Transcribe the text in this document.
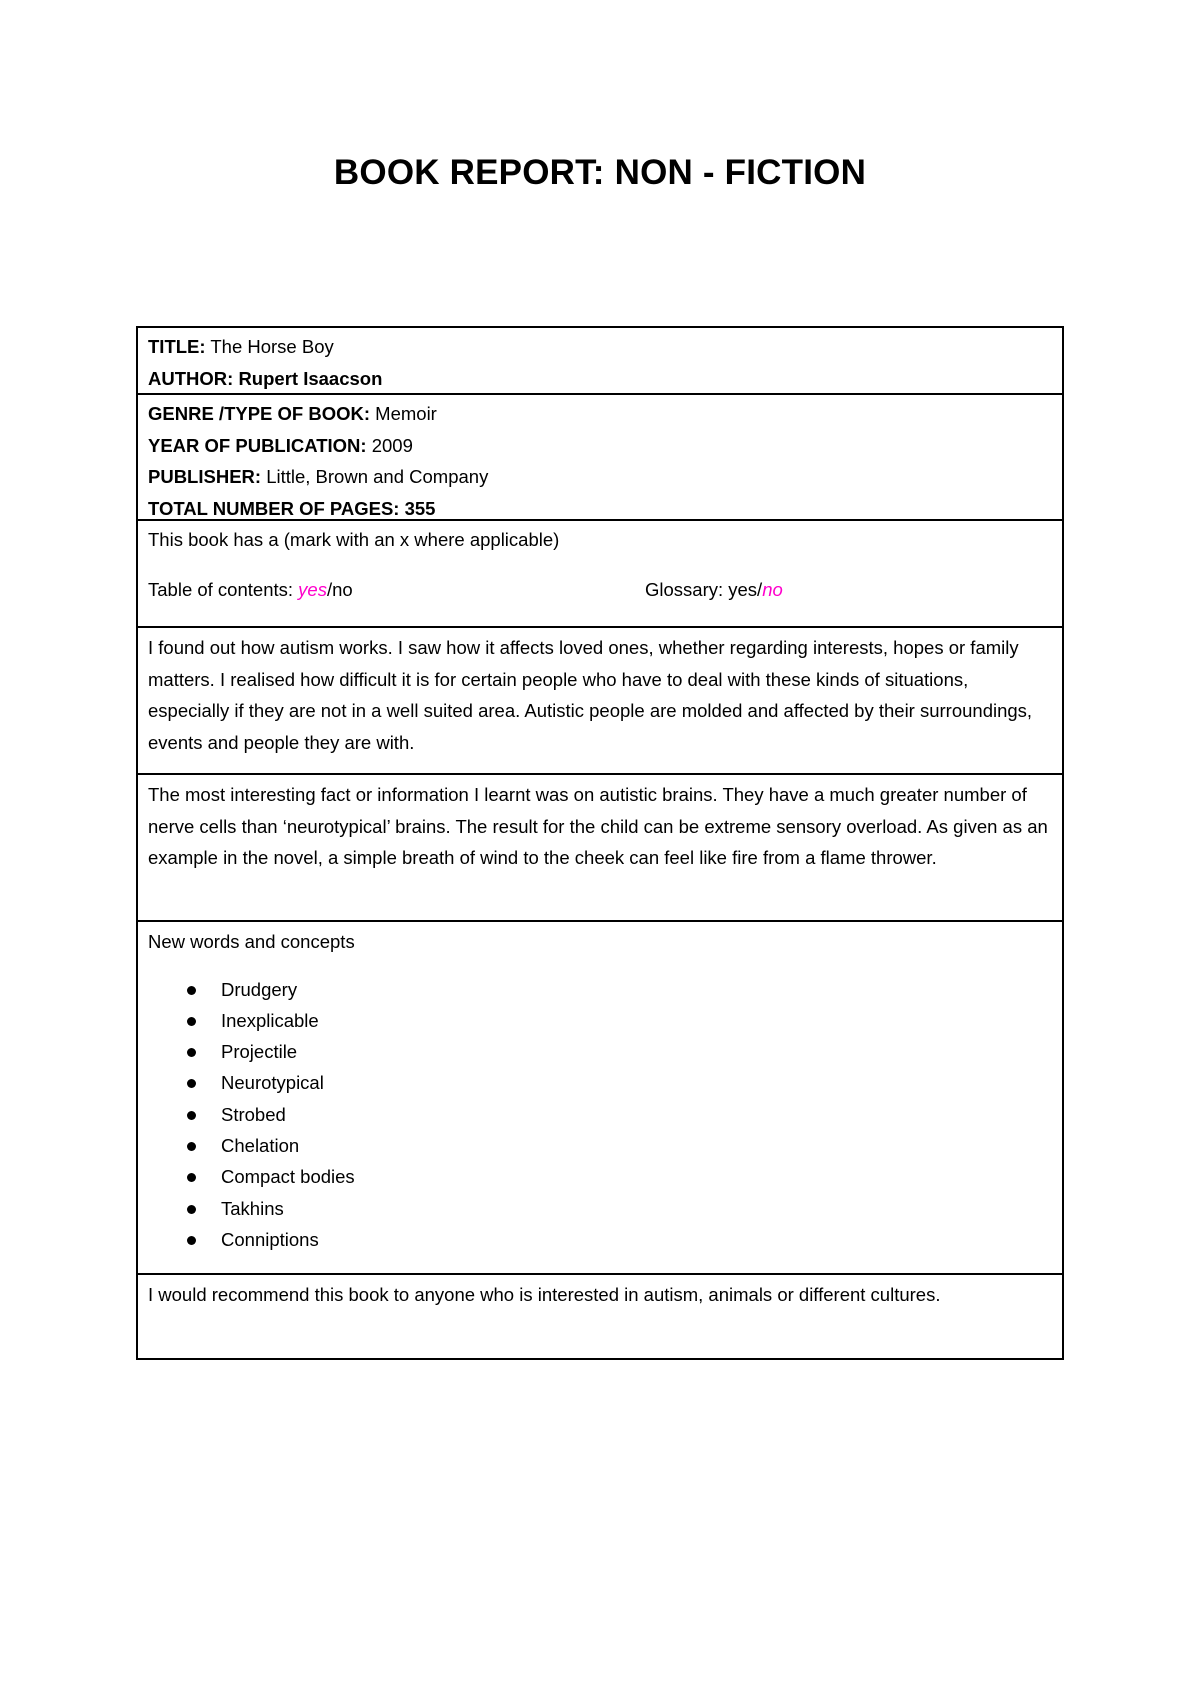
BOOK REPORT: NON - FICTION
TITLE: The Horse Boy
AUTHOR: Rupert Isaacson
GENRE /TYPE OF BOOK: Memoir
YEAR OF PUBLICATION: 2009
PUBLISHER: Little, Brown and Company
TOTAL NUMBER OF PAGES: 355
This book has a (mark with an x where applicable)
Table of contents: yes/no	Glossary: yes/no

I found out how autism works. I saw how it affects loved ones, whether regarding interests, hopes or family matters. I realised how difficult it is for certain people who have to deal with these kinds of situations, especially if they are not in a well suited area. Autistic people are molded and affected by their surroundings, events and people they are with.

The most interesting fact or information I learnt was on autistic brains. They have a much greater number of nerve cells than ‘neurotypical’ brains. The result for the child can be extreme sensory overload. As given as an example in the novel, a simple breath of wind to the cheek can feel like fire from a flame thrower.

New words and concepts
Drudgery
Inexplicable
Projectile
Neurotypical
Strobed
Chelation
Compact bodies
Takhins
Conniptions
I would recommend this book to anyone who is interested in autism, animals or different cultures.
